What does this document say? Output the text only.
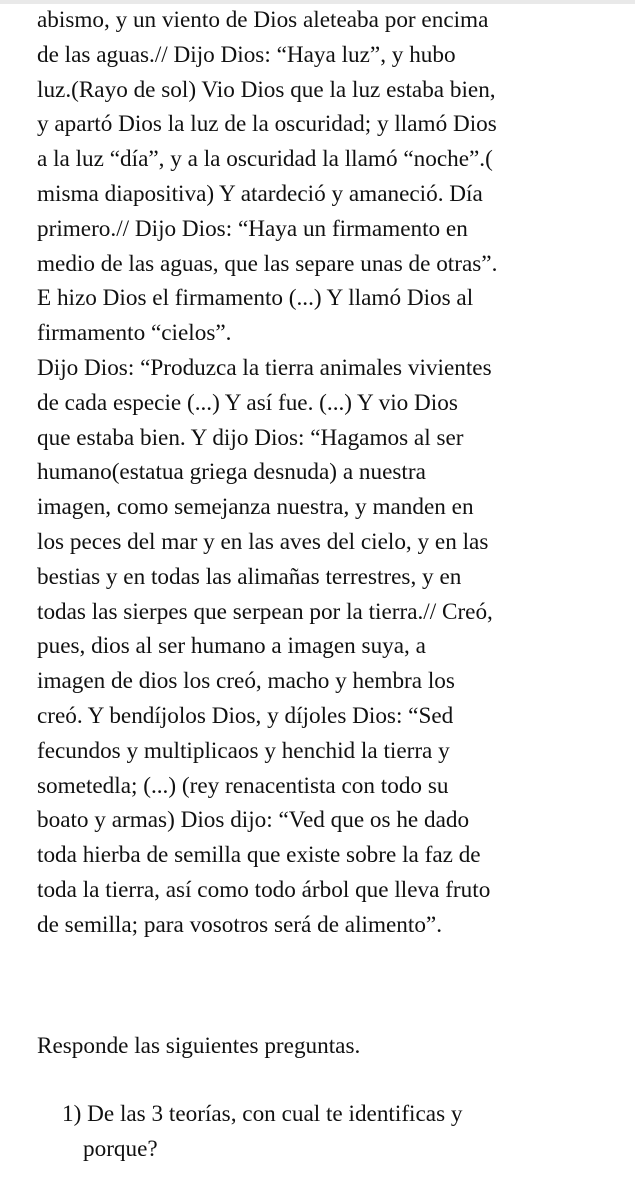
abismo, y un viento de Dios aleteaba por encima
de las aguas.// Dijo Dios: “Haya luz”, y hubo
luz.(Rayo de sol) Vio Dios que la luz estaba bien,
y apartó Dios la luz de la oscuridad; y llamó Dios
a la luz “día”, y a la oscuridad la llamó “noche”.(
misma diapositiva) Y atardeció y amaneció. Día
primero.// Dijo Dios: “Haya un firmamento en
medio de las aguas, que las separe unas de otras”.
E hizo Dios el firmamento (...) Y llamó Dios al
firmamento “cielos”.
Dijo Dios: “Produzca la tierra animales vivientes
de cada especie (...) Y así fue. (...) Y vio Dios
que estaba bien. Y dijo Dios: “Hagamos al ser
humano(estatua griega desnuda) a nuestra
imagen, como semejanza nuestra, y manden en
los peces del mar y en las aves del cielo, y en las
bestias y en todas las alimañas terrestres, y en
todas las sierpes que serpean por la tierra.// Creó,
pues, dios al ser humano a imagen suya, a
imagen de dios los creó, macho y hembra los
creó. Y bendíjolos Dios, y díjoles Dios: “Sed
fecundos y multiplicaos y henchid la tierra y
sometedla; (...) (rey renacentista con todo su
boato y armas) Dios dijo: “Ved que os he dado
toda hierba de semilla que existe sobre la faz de
toda la tierra, así como todo árbol que lleva fruto
de semilla; para vosotros será de alimento”.
Responde las siguientes preguntas.
1) De las 3 teorías, con cual te identificas y
porque?
